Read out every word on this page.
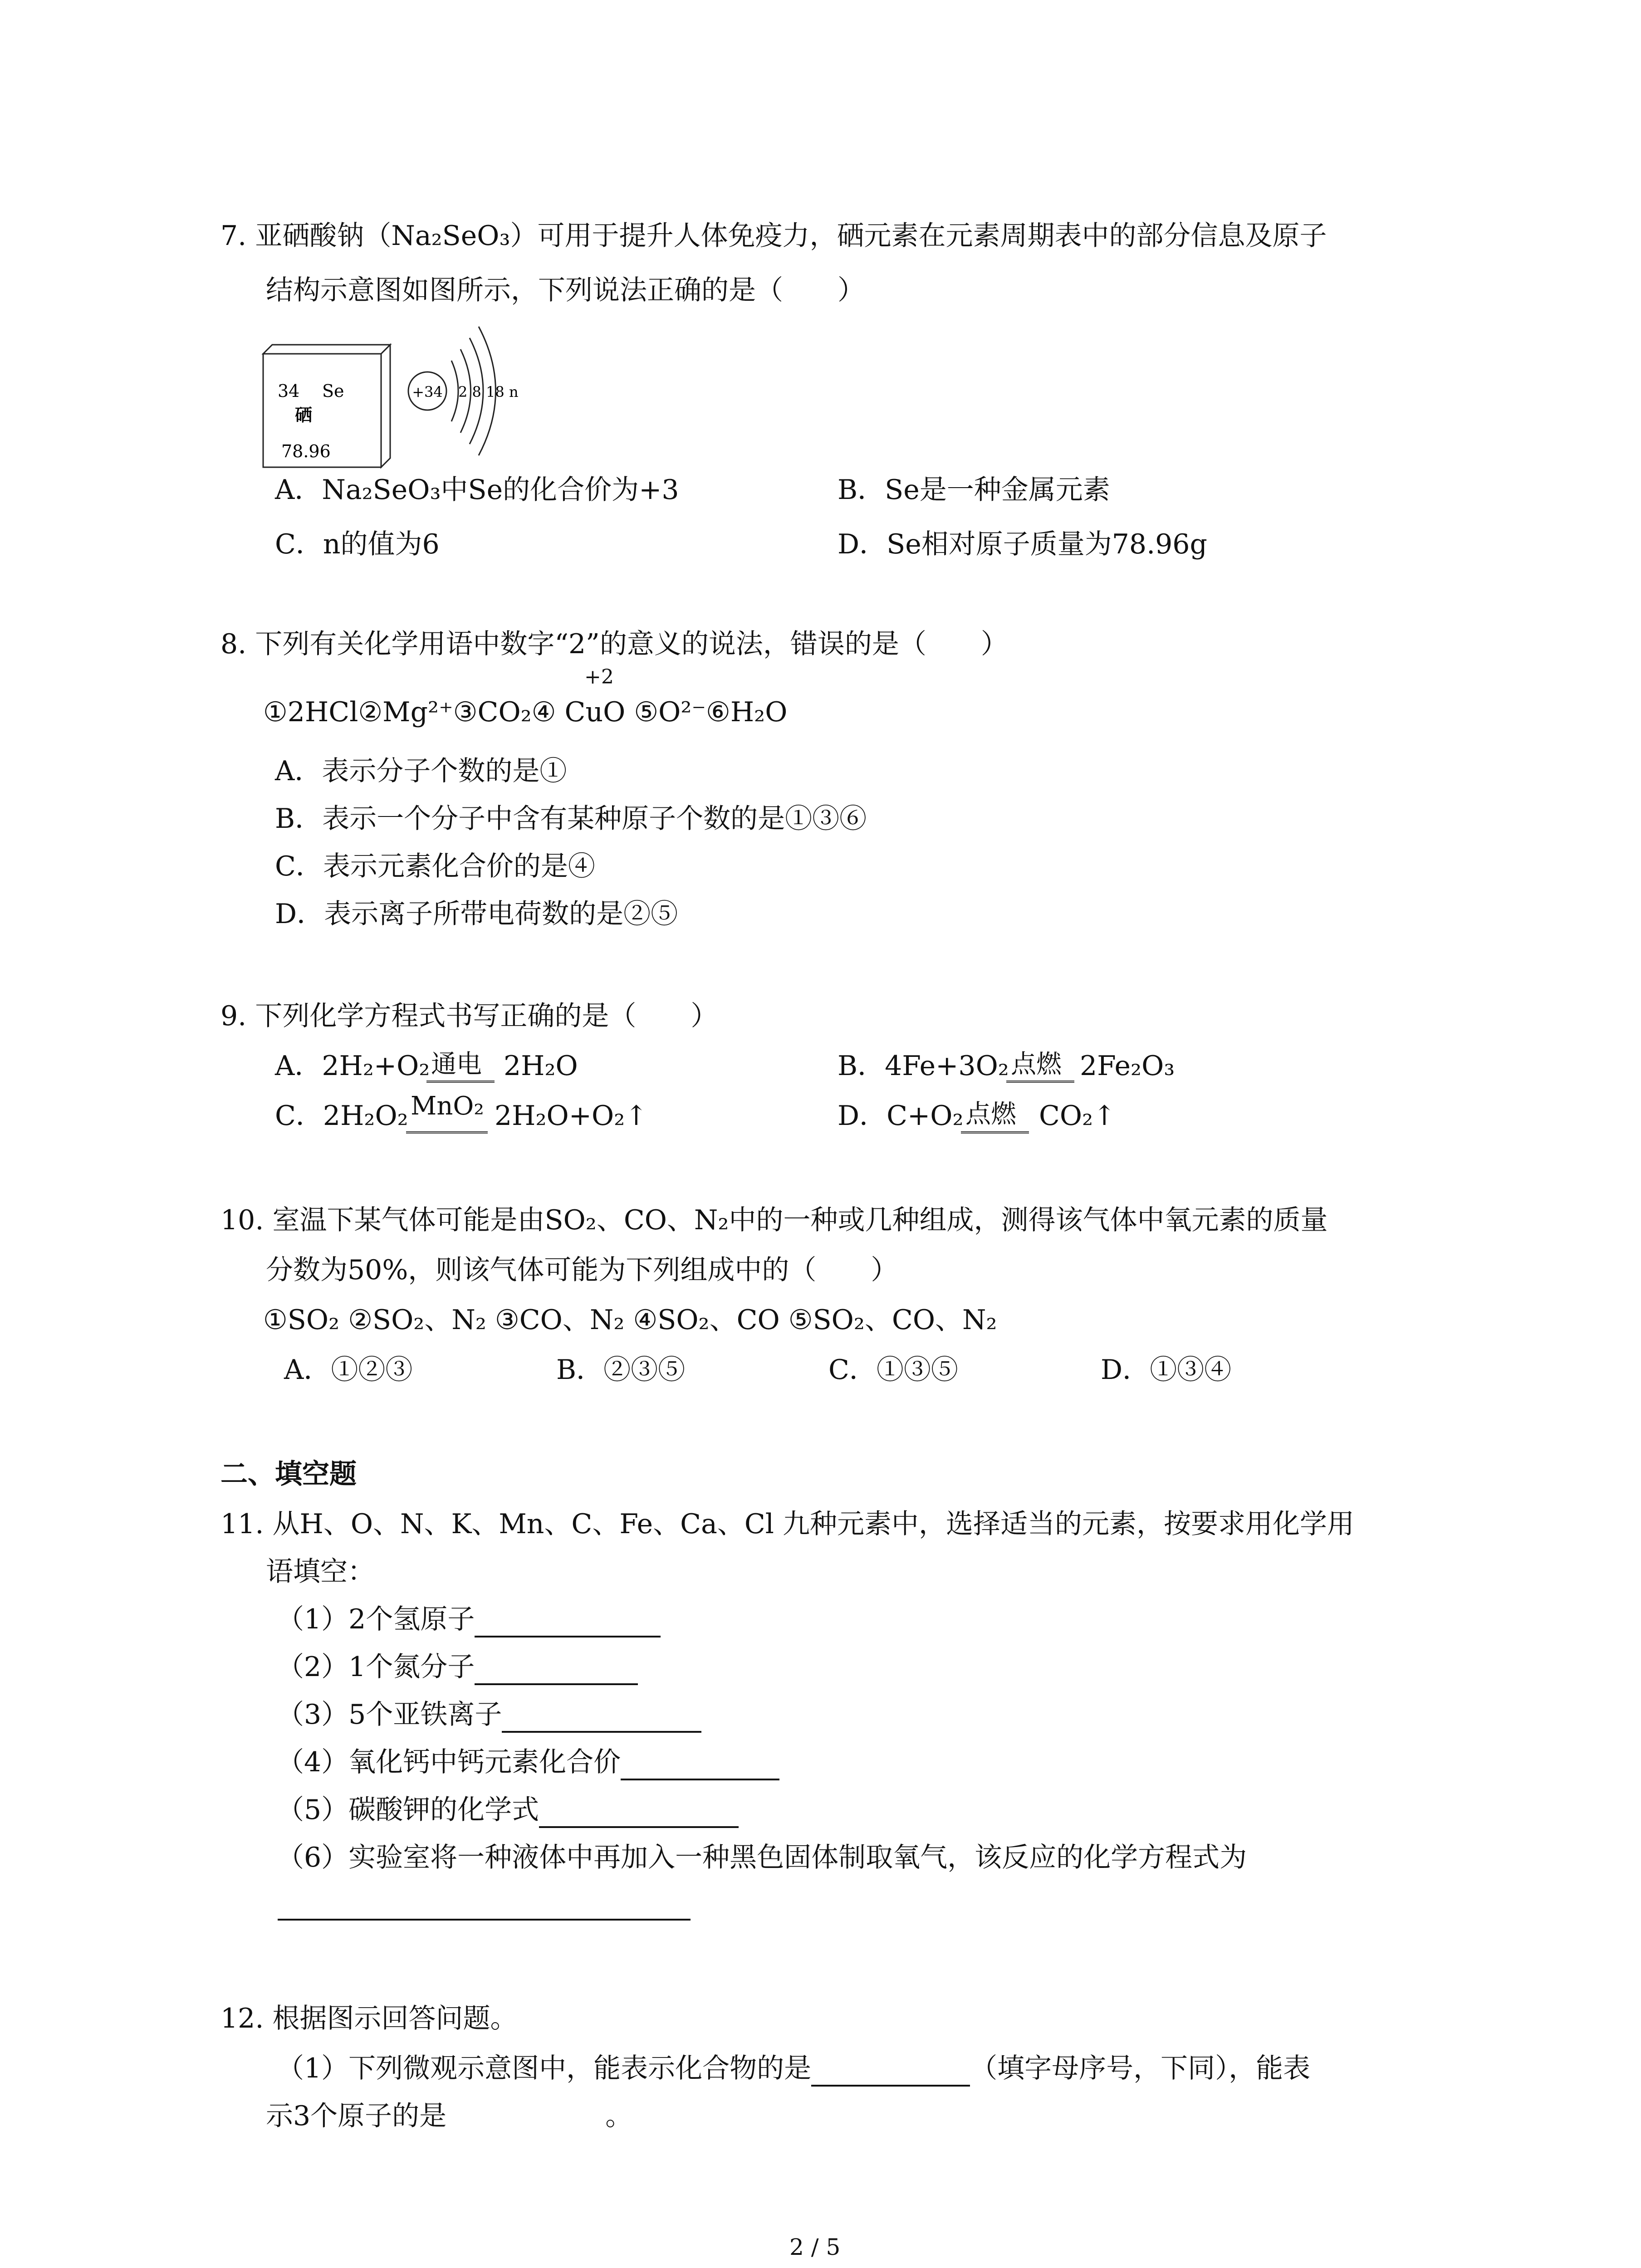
7. 亚硒酸钠（Na₂SeO₃）可用于提升人体免疫力，硒元素在元素周期表中的部分信息及原子
结构示意图如图所示，下列说法正确的是（　　）
34 Se
硒
78.96
+34 2 8 18 n
A．Na₂SeO₃中Se的化合价为+3	B．Se是一种金属元素
C．n的值为6	D．Se相对原子质量为78.96g
8. 下列有关化学用语中数字“2”的意义的说法，错误的是（　　）
+2
①2HCl②Mg²⁺③CO₂④ CuO ⑤O²⁻⑥H₂O
A．表示分子个数的是①
B．表示一个分子中含有某种原子个数的是①③⑥
C．表示元素化合价的是④
D．表示离子所带电荷数的是②⑤
9. 下列化学方程式书写正确的是（　　）
A．2H₂+O₂ 通电 2H₂O	B．4Fe+3O₂ 点燃 2Fe₂O₃
C．2H₂O₂ MnO₂ 2H₂O+O₂↑	D．C+O₂ 点燃 CO₂↑
10. 室温下某气体可能是由SO₂、CO、N₂中的一种或几种组成，测得该气体中氧元素的质量
分数为50%，则该气体可能为下列组成中的（　　）
①SO₂ ②SO₂、N₂ ③CO、N₂ ④SO₂、CO ⑤SO₂、CO、N₂
A．①②③	B．②③⑤	C．①③⑤	D．①③④
二、填空题
11. 从H、O、N、K、Mn、C、Fe、Ca、Cl 九种元素中，选择适当的元素，按要求用化学用
语填空：
（1）2个氢原子
（2）1个氮分子
（3）5个亚铁离子
（4）氧化钙中钙元素化合价
（5）碳酸钾的化学式
（6）实验室将一种液体中再加入一种黑色固体制取氧气，该反应的化学方程式为
12. 根据图示回答问题。
（1）下列微观示意图中，能表示化合物的是	（填字母序号，下同），能表
示3个原子的是	。
2 / 5
